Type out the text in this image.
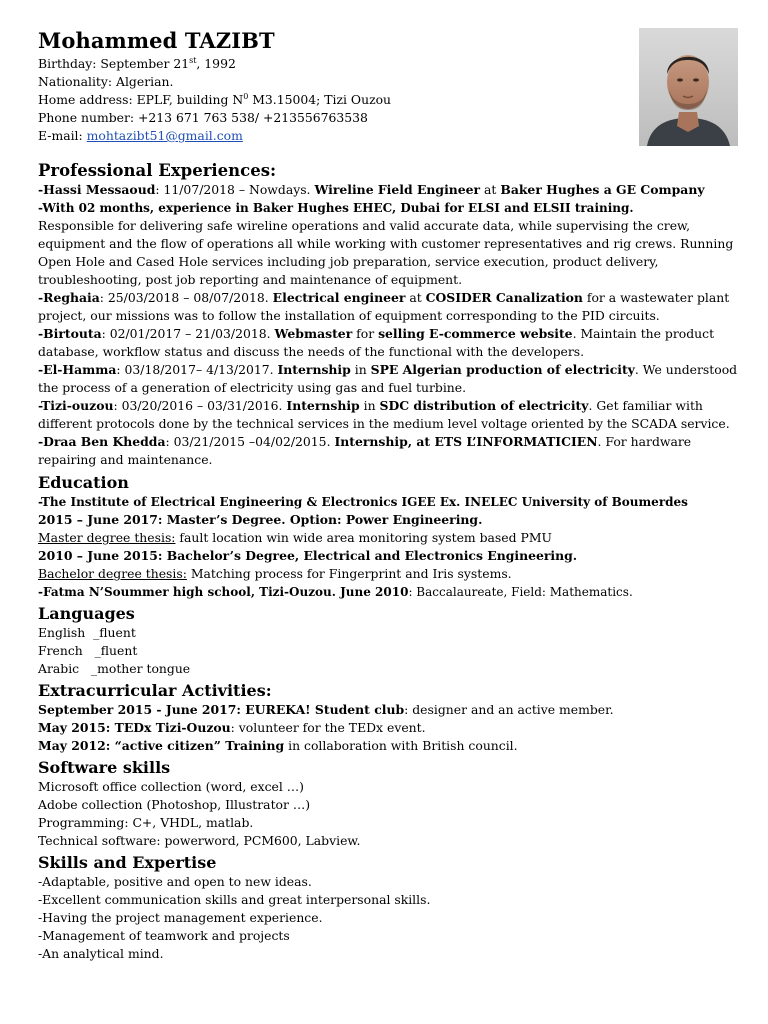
Mohammed TAZIBT

Birthday: September 21st, 1992

Nationality: Algerian.

Home address: EPLF, building $N^0$ M3.15004; Tizi Ouzou

Phone number: +213 671 763 538/ +213556763538

E-mail: mohtazibt51@gmail.com

Professional Experiences:

-Hassi Messaoud: 11/07/2018 – Nowdays. Wireline Field Engineer at Baker Hughes a GE Company

-With 02 months, experience in Baker Hughes EHEC, Dubai for ELSI and ELSII training.

Responsible for delivering safe wireline operations and valid accurate data, while supervising the crew, equipment and the flow of operations all while working with customer representatives and rig crews. Running Open Hole and Cased Hole services including job preparation, service execution, product delivery, troubleshooting, post job reporting and maintenance of equipment.

-Reghaia: 25/03/2018 – 08/07/2018. Electrical engineer at COSIDER Canalization for a wastewater plant project, our missions was to follow the installation of equipment corresponding to the PID circuits.

-Birtouta: 02/01/2017 – 21/03/2018. Webmaster for selling E-commerce website. Maintain the product database, workflow status and discuss the needs of the functional with the developers.

-El-Hamma: 03/18/2017– 4/13/2017. Internship in SPE Algerian production of electricity. We understood the process of a generation of electricity using gas and fuel turbine.

-Tizi-ouzou: 03/20/2016 – 03/31/2016. Internship in SDC distribution of electricity. Get familiar with different protocols done by the technical services in the medium level voltage oriented by the SCADA service.

-Draa Ben Khedda: 03/21/2015 –04/02/2015. Internship, at ETS L’INFORMATICIEN. For hardware repairing and maintenance.

Education

-The Institute of Electrical Engineering & Electronics IGEE Ex. INELEC University of Boumerdes

2015 – June 2017: Master’s Degree. Option: Power Engineering.

Master degree thesis: fault location win wide area monitoring system based PMU

2010 – June 2015: Bachelor’s Degree, Electrical and Electronics Engineering.

Bachelor degree thesis: Matching process for Fingerprint and Iris systems.

-Fatma N’Soummer high school, Tizi-Ouzou. June 2010: Baccalaureate, Field: Mathematics.

Languages

English  _fluent

French   _fluent

Arabic   _mother tongue

Extracurricular Activities:

September 2015 - June 2017: EUREKA! Student club: designer and an active member.

May 2015: TEDx Tizi-Ouzou: volunteer for the TEDx event.

May 2012: “active citizen” Training in collaboration with British council.

Software skills

Microsoft office collection (word, excel …)

Adobe collection (Photoshop, Illustrator …)

Programming: C+, VHDL, matlab.

Technical software: powerword, PCM600, Labview.

Skills and Expertise

-Adaptable, positive and open to new ideas.

-Excellent communication skills and great interpersonal skills.

-Having the project management experience.

-Management of teamwork and projects

-An analytical mind.
